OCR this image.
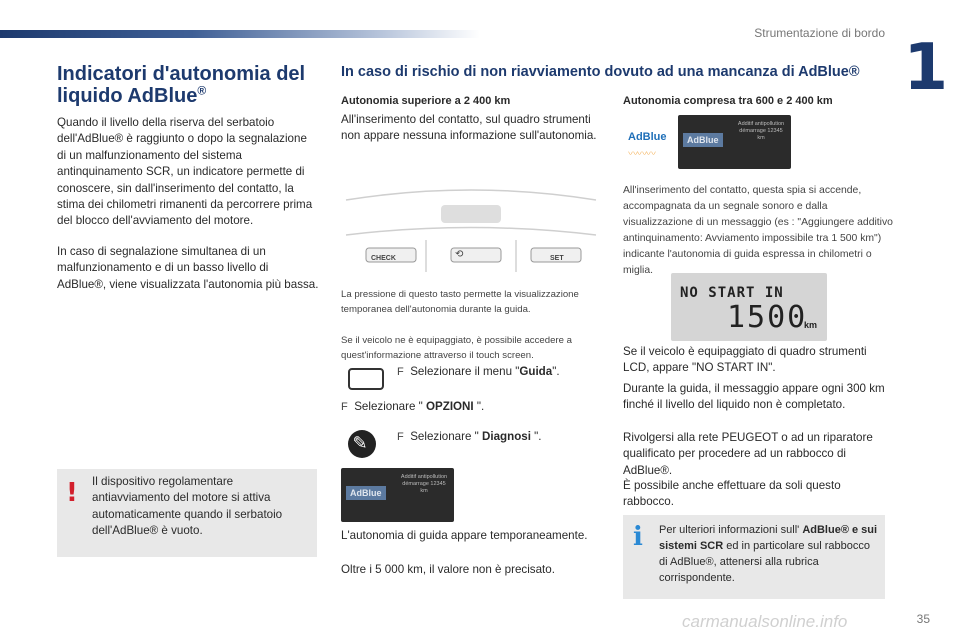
Strumentazione di bordo 1
Indicatori d'autonomia del
liquido AdBlue®

Quando il livello della riserva del serbatoio dell'AdBlue® è raggiunto o dopo la segnalazione di un malfunzionamento del sistema antinquinamento SCR, un indicatore permette di conoscere, sin dall'inserimento del contatto, la stima dei chilometri rimanenti da percorrere prima del blocco dell'avviamento del motore.

In caso di segnalazione simultanea di un malfunzionamento e di un basso livello di AdBlue®, viene visualizzata l'autonomia più bassa.

! Il dispositivo regolamentare antiavviamento del motore si attiva automaticamente quando il serbatoio dell'AdBlue® è vuoto.

In caso di rischio di non riavviamento dovuto ad una mancanza di AdBlue®
Autonomia superiore a 2 400 km

All'inserimento del contatto, sul quadro strumenti non appare nessuna informazione sull'autonomia.

CHECK	⟲	SET

La pressione di questo tasto permette la visualizzazione temporanea dell'autonomia durante la guida.

Se il veicolo ne è equipaggiato, è possibile accedere a quest'informazione attraverso il touch screen.

F Selezionare il menu "Guida".

F Selezionare " OPZIONI ".

✎	F Selezionare " Diagnosi ".

AdBlue
Additif antipollution démarrage 12345 km

L'autonomia di guida appare temporaneamente.

Oltre i 5 000 km, il valore non è precisato.

Autonomia compresa tra 600 e 2 400 km
AdBlue
〰〰〰
AdBlue
Additif antipollution démarrage 12345 km

All'inserimento del contatto, questa spia si accende, accompagnata da un segnale sonoro e dalla visualizzazione di un messaggio (es : "Aggiungere additivo antinquinamento: Avviamento impossibile tra 1 500 km") indicante l'autonomia di guida espressa in chilometri o miglia.

NO START IN
1500
km

Se il veicolo è equipaggiato di quadro strumenti LCD, appare "NO START IN".

Durante la guida, il messaggio appare ogni 300 km finché il livello del liquido non è completato.

Rivolgersi alla rete PEUGEOT o ad un riparatore qualificato per procedere ad un rabbocco di AdBlue®.

È possibile anche effettuare da soli questo rabbocco.

i Per ulteriori informazioni sull' AdBlue® e sui sistemi SCR ed in particolare sul rabbocco di AdBlue®, attenersi alla rubrica corrispondente.

carmanualsonline.info	35
